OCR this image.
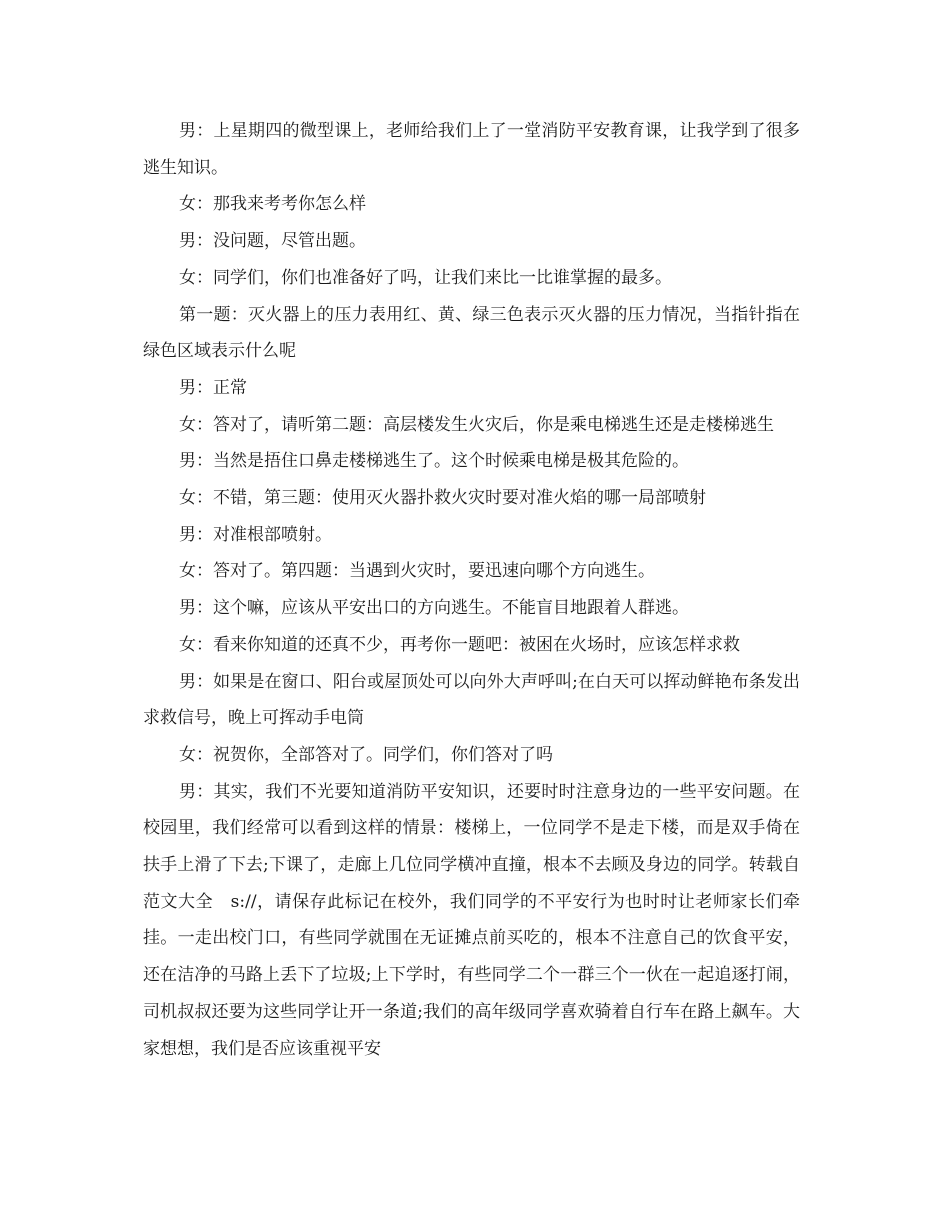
男：上星期四的微型课上，老师给我们上了一堂消防平安教育课，让我学到了很多逃生知识。

女：那我来考考你怎么样

男：没问题，尽管出题。

女：同学们，你们也准备好了吗，让我们来比一比谁掌握的最多。

第一题：灭火器上的压力表用红、黄、绿三色表示灭火器的压力情况，当指针指在绿色区域表示什么呢

男：正常

女：答对了，请听第二题：高层楼发生火灾后，你是乘电梯逃生还是走楼梯逃生

男：当然是捂住口鼻走楼梯逃生了。这个时候乘电梯是极其危险的。

女：不错，第三题：使用灭火器扑救火灾时要对准火焰的哪一局部喷射

男：对准根部喷射。

女：答对了。第四题：当遇到火灾时，要迅速向哪个方向逃生。

男：这个嘛，应该从平安出口的方向逃生。不能盲目地跟着人群逃。

女：看来你知道的还真不少，再考你一题吧：被困在火场时，应该怎样求救

男：如果是在窗口、阳台或屋顶处可以向外大声呼叫;在白天可以挥动鲜艳布条发出求救信号，晚上可挥动手电筒

女：祝贺你，全部答对了。同学们，你们答对了吗

男：其实，我们不光要知道消防平安知识，还要时时注意身边的一些平安问题。在校园里，我们经常可以看到这样的情景：楼梯上，一位同学不是走下楼，而是双手倚在扶手上滑了下去;下课了，走廊上几位同学横冲直撞，根本不去顾及身边的同学。转载自范文大全　s://，请保存此标记在校外，我们同学的不平安行为也时时让老师家长们牵挂。一走出校门口，有些同学就围在无证摊点前买吃的，根本不注意自己的饮食平安，还在洁净的马路上丢下了垃圾;上下学时，有些同学二个一群三个一伙在一起追逐打闹，司机叔叔还要为这些同学让开一条道;我们的高年级同学喜欢骑着自行车在路上飙车。大家想想，我们是否应该重视平安
